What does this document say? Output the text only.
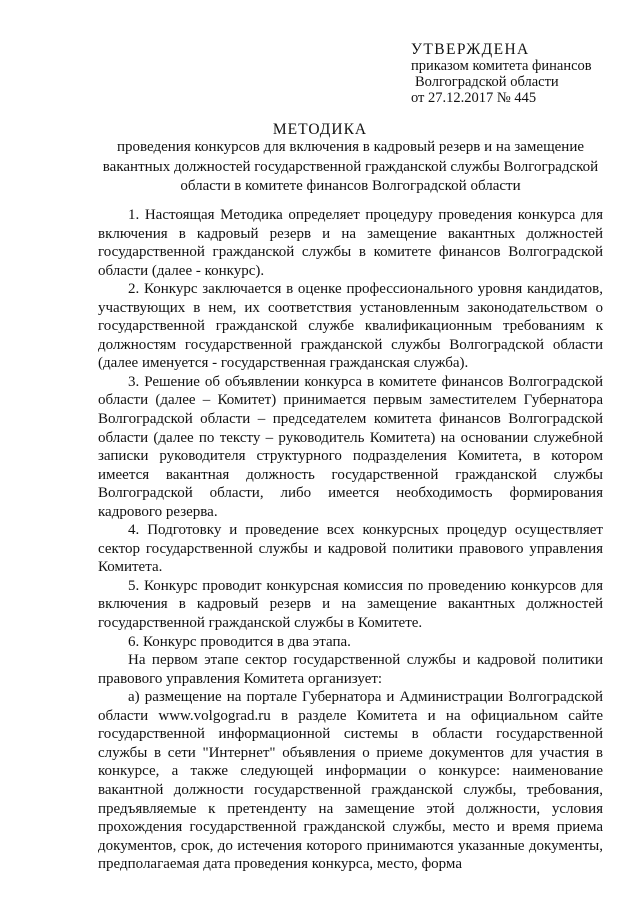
УТВЕРЖДЕНА
приказом комитета финансов
Волгоградской области
от 27.12.2017 № 445
МЕТОДИКА
проведения конкурсов для включения в кадровый резерв и на замещение вакантных должностей государственной гражданской службы Волгоградской области в комитете финансов Волгоградской области

1. Настоящая Методика определяет процедуру проведения конкурса для включения в кадровый резерв и на замещение вакантных должностей государственной гражданской службы в комитете финансов Волгоградской области (далее - конкурс).

2. Конкурс заключается в оценке профессионального уровня кандидатов, участвующих в нем, их соответствия установленным законодательством о государственной гражданской службе квалификационным требованиям к должностям государственной гражданской службы Волгоградской области (далее именуется - государственная гражданская служба).

3. Решение об объявлении конкурса в комитете финансов Волгоградской области (далее – Комитет) принимается первым заместителем Губернатора Волгоградской области – председателем комитета финансов Волгоградской области (далее по тексту – руководитель Комитета) на основании служебной записки руководителя структурного подразделения Комитета, в котором имеется вакантная должность государственной гражданской службы Волгоградской области, либо имеется необходимость формирования кадрового резерва.

4. Подготовку и проведение всех конкурсных процедур осуществляет сектор государственной службы и кадровой политики правового управления Комитета.

5. Конкурс проводит конкурсная комиссия по проведению конкурсов для включения в кадровый резерв и на замещение вакантных должностей государственной гражданской службы в Комитете.

6. Конкурс проводится в два этапа.

На первом этапе сектор государственной службы и кадровой политики правового управления Комитета организует:

а) размещение на портале Губернатора и Администрации Волгоградской области www.volgograd.ru в разделе Комитета и на официальном сайте государственной информационной системы в области государственной службы в сети "Интернет" объявления о приеме документов для участия в конкурсе, а также следующей информации о конкурсе: наименование вакантной должности государственной гражданской службы, требования, предъявляемые к претенденту на замещение этой должности, условия прохождения государственной гражданской службы, место и время приема документов, срок, до истечения которого принимаются указанные документы, предполагаемая дата проведения конкурса, место, форма
